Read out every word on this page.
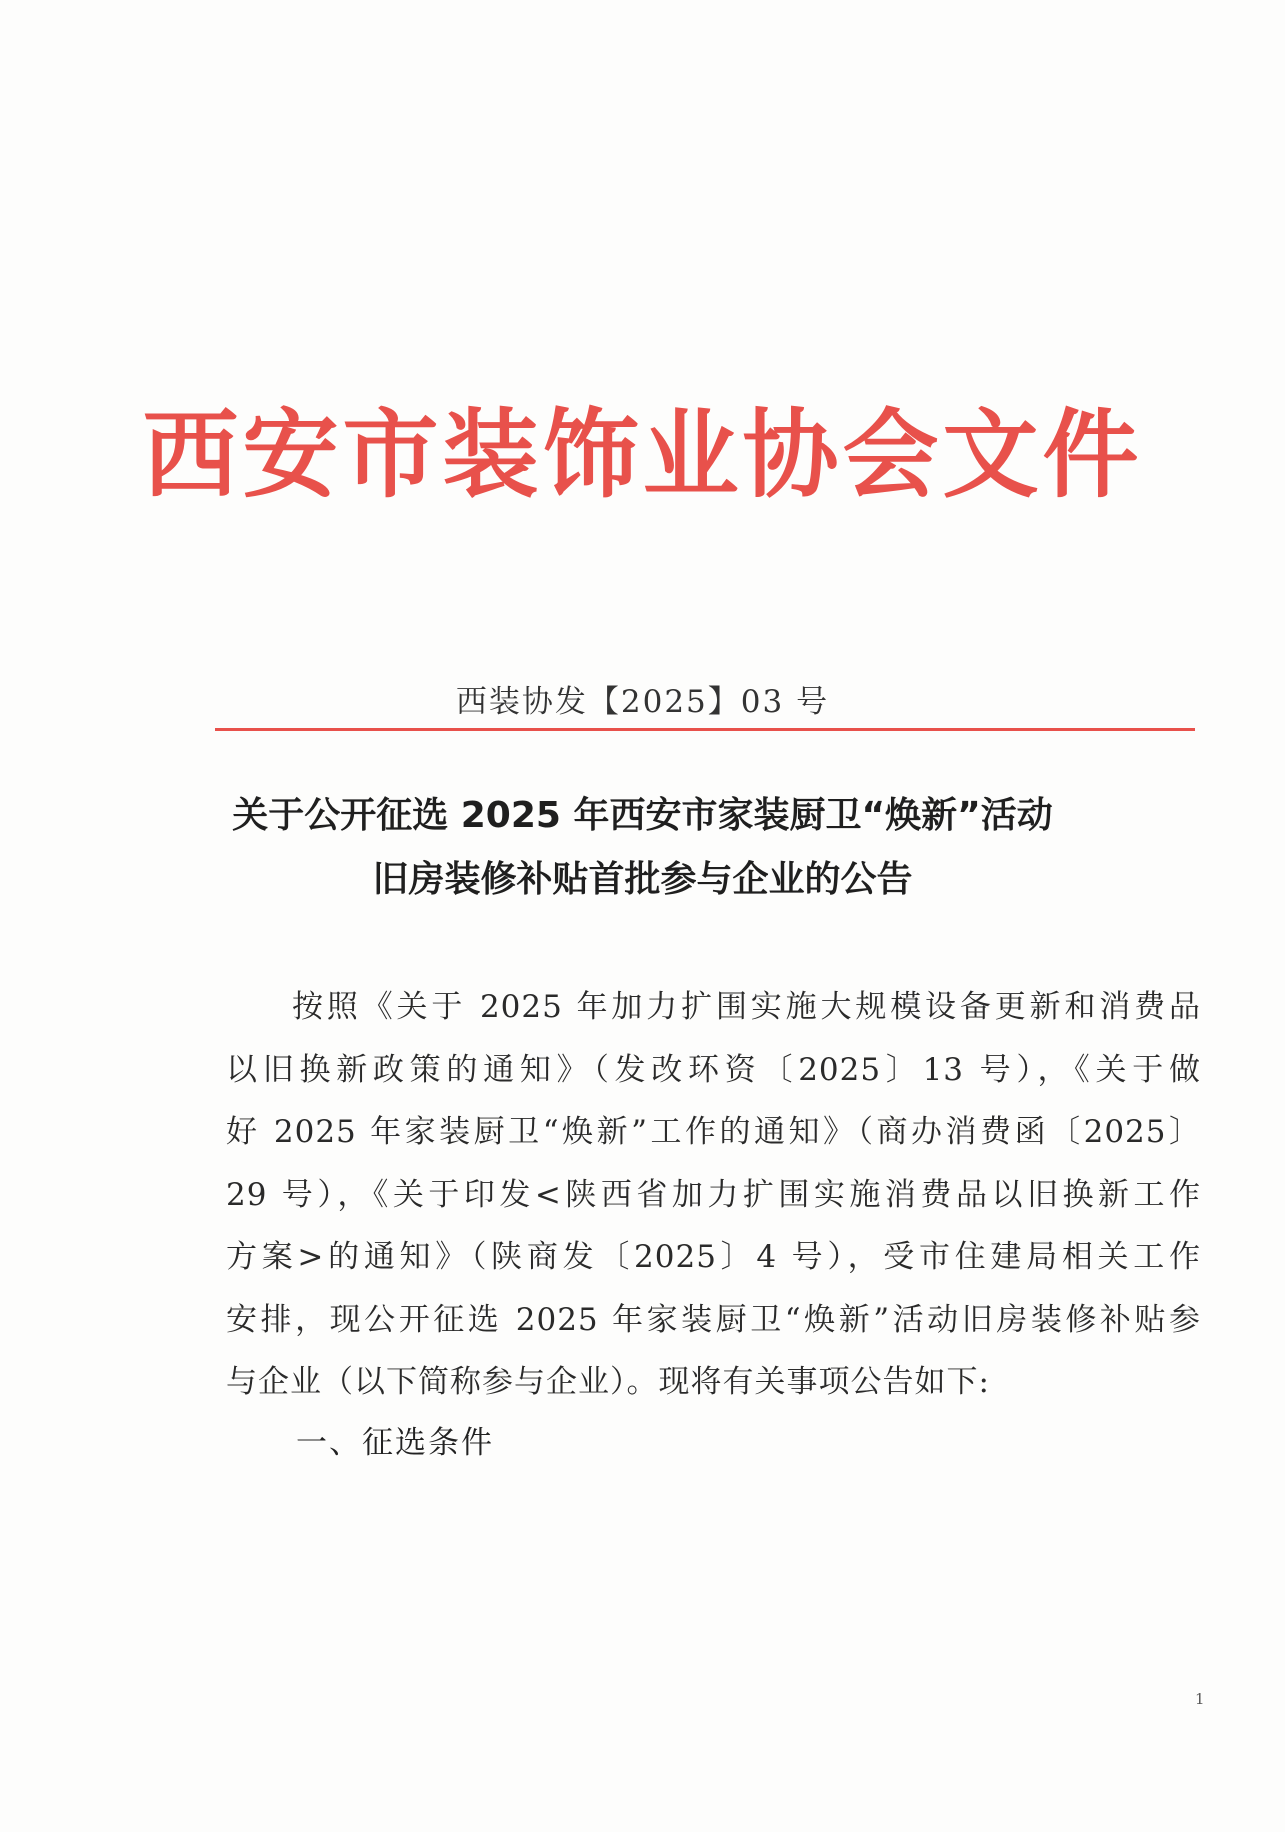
西安市装饰业协会文件
西装协发【2025】03 号
关于公开征选 2025 年西安市家装厨卫“焕新”活动
旧房装修补贴首批参与企业的公告
按照《关于 2025 年加力扩围实施大规模设备更新和消费品
以旧换新政策的通知》（发改环资〔2025〕13 号），《关于做
好 2025 年家装厨卫“焕新”工作的通知》（商办消费函〔2025〕
29 号），《关于印发<陕西省加力扩围实施消费品以旧换新工作
方案>的通知》（陕商发〔2025〕4 号），受市住建局相关工作
安排，现公开征选 2025 年家装厨卫“焕新”活动旧房装修补贴参
与企业（以下简称参与企业）。现将有关事项公告如下:
一、征选条件
1
